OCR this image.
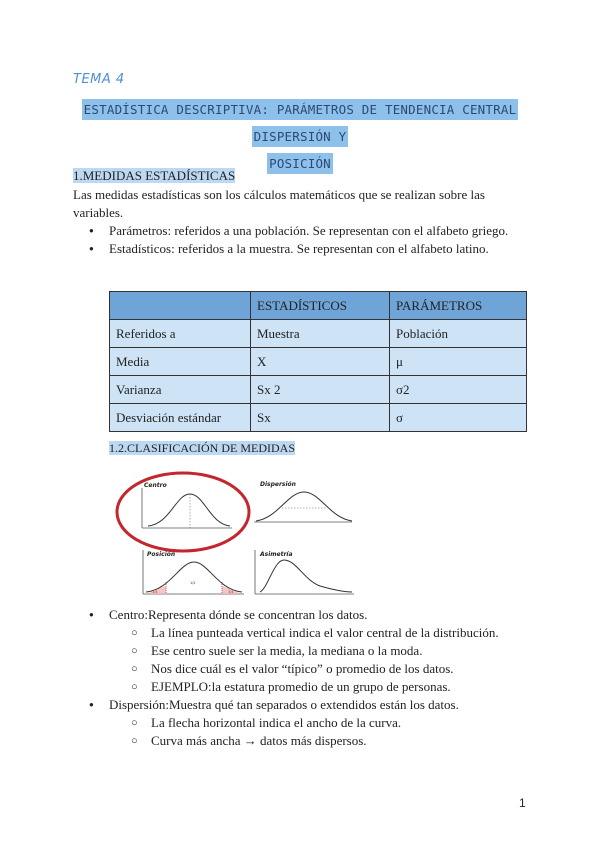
TEMA 4
ESTADÍSTICA DESCRIPTIVA: PARÁMETROS DE TENDENCIA CENTRAL DISPERSIÓN Y
POSICIÓN
1.MEDIDAS ESTADÍSTICAS
Las medidas estadísticas son los cálculos matemáticos que se realizan sobre las variables.
● Parámetros: referidos a una población. Se representan con el alfabeto griego.
● Estadísticos: referidos a la muestra. Se representan con el alfabeto latino.
	ESTADÍSTICOS	PARÁMETROS
Referidos a	Muestra	Población
Media	X	μ
Varianza	Sx 2	σ2
Desviación estándar	Sx	σ
1.2.CLASIFICACIÓN DE MEDIDAS
Centro	Dispersión
Posición
1/4
1/2
3/4
Asimetría
● Centro:Representa dónde se concentran los datos.
○ La línea punteada vertical indica el valor central de la distribución.
○ Ese centro suele ser la media, la mediana o la moda.
○ Nos dice cuál es el valor “típico” o promedio de los datos.
○ EJEMPLO:la estatura promedio de un grupo de personas.
● Dispersión:Muestra qué tan separados o extendidos están los datos.
○ La flecha horizontal indica el ancho de la curva.
○ Curva más ancha → datos más dispersos.
1
